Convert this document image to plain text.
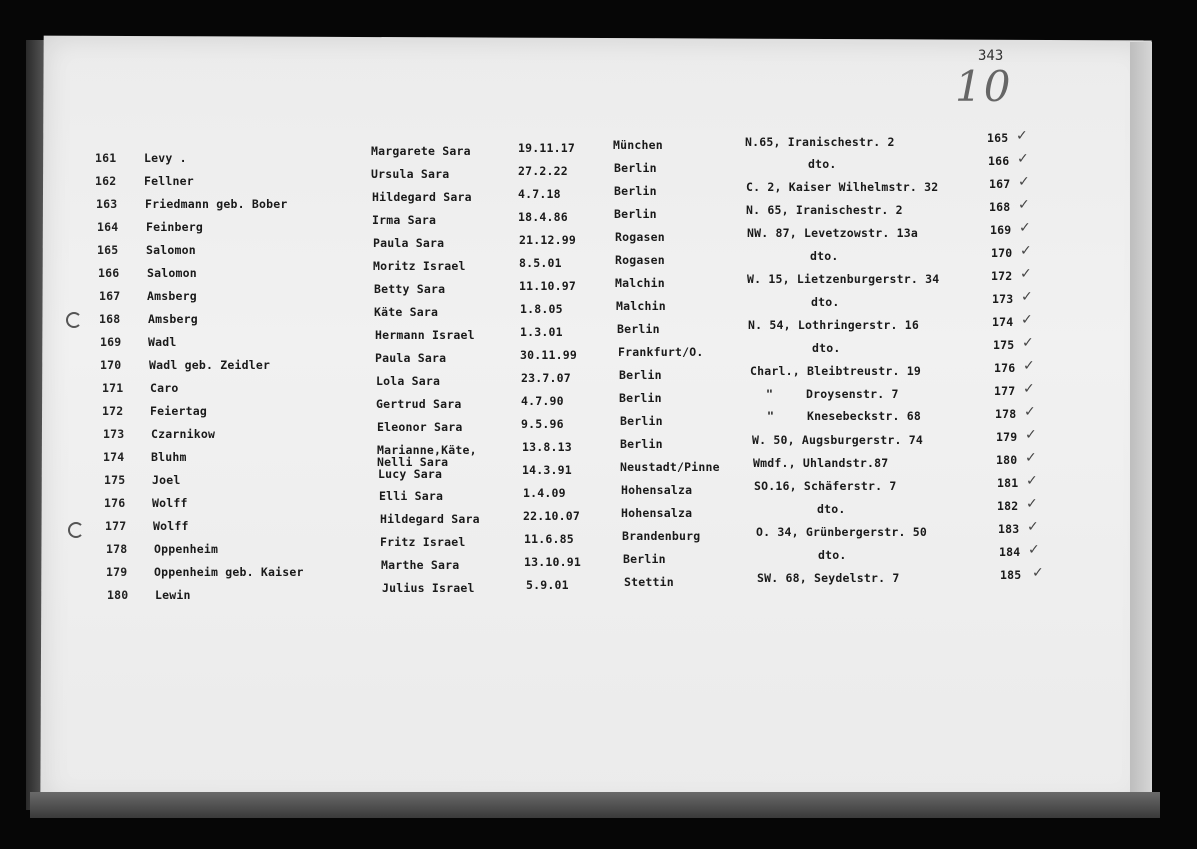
343
10
161
162
163
164
165
166
167
168
169
170
171
172
173
174
175
176
177
178
179
180
Levy .
Fellner
Friedmann geb. Bober
Feinberg
Salomon
Salomon
Amsberg
Amsberg
Wadl
Wadl geb. Zeidler
Caro
Feiertag
Czarnikow
Bluhm
Joel
Wolff
Wolff
Oppenheim
Oppenheim geb. Kaiser
Lewin
Margarete Sara
Ursula Sara
Hildegard Sara
Irma Sara
Paula Sara
Moritz Israel
Betty Sara
Käte Sara
Hermann Israel
Paula Sara
Lola Sara
Gertrud Sara
Eleonor Sara
Marianne,Käte,
Nelli Sara
Lucy Sara
Elli Sara
Hildegard Sara
Fritz Israel
Marthe Sara
Julius Israel
19.11.17
27.2.22
4.7.18
18.4.86
21.12.99
8.5.01
11.10.97
1.8.05
1.3.01
30.11.99
23.7.07
4.7.90
9.5.96
13.8.13
14.3.91
1.4.09
22.10.07
11.6.85
13.10.91
5.9.01
München
Berlin
Berlin
Berlin
Rogasen
Rogasen
Malchin
Malchin
Berlin
Frankfurt/O.
Berlin
Berlin
Berlin
Berlin
Neustadt/Pinne
Hohensalza
Hohensalza
Brandenburg
Berlin
Stettin
N.65, Iranischestr. 2
dto.
C. 2, Kaiser Wilhelmstr. 32
N. 65, Iranischestr. 2
NW. 87, Levetzowstr. 13a
dto.
W. 15, Lietzenburgerstr. 34
dto.
N. 54, Lothringerstr. 16
dto.
Charl., Bleibtreustr. 19
"	Droysenstr. 7
"	Knesebeckstr. 68
W. 50, Augsburgerstr. 74
Wmdf., Uhlandstr.87
SO.16, Schäferstr. 7
dto.
O. 34, Grünbergerstr. 50
dto.
SW. 68, Seydelstr. 7
165
166
167
168
169
170
172
173
174
175
176
177
178
179
180
181
182
183
184
185
✓
✓
✓
✓
✓
✓
✓
✓
✓
✓
✓
✓
✓
✓
✓
✓
✓
✓
✓
✓
